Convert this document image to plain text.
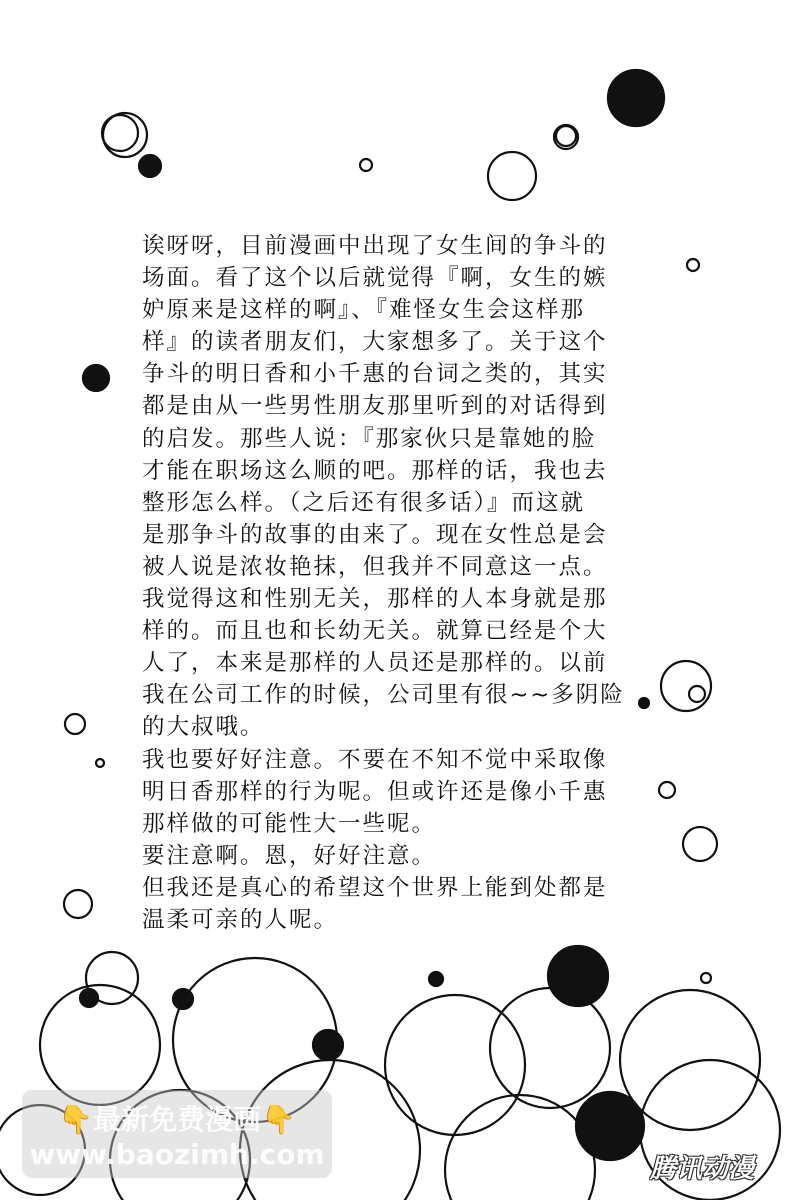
诶呀呀，目前漫画中出现了女生间的争斗的
场面。看了这个以后就觉得『啊，女生的嫉
妒原来是这样的啊』、『难怪女生会这样那
样』的读者朋友们，大家想多了。关于这个
争斗的明日香和小千惠的台词之类的，其实
都是由从一些男性朋友那里听到的对话得到
的启发。那些人说：『那家伙只是靠她的脸
才能在职场这么顺的吧。那样的话，我也去
整形怎么样。（之后还有很多话）』而这就
是那争斗的故事的由来了。现在女性总是会
被人说是浓妆艳抹，但我并不同意这一点。
我觉得这和性别无关，那样的人本身就是那
样的。而且也和长幼无关。就算已经是个大
人了，本来是那样的人员还是那样的。以前
我在公司工作的时候，公司里有很~~多阴险
的大叔哦。
我也要好好注意。不要在不知不觉中采取像
明日香那样的行为呢。但或许还是像小千惠
那样做的可能性大一些呢。
要注意啊。恩，好好注意。
但我还是真心的希望这个世界上能到处都是
温柔可亲的人呢。
👇最新免费漫画👇
www.baozimh.com	腾讯动漫
